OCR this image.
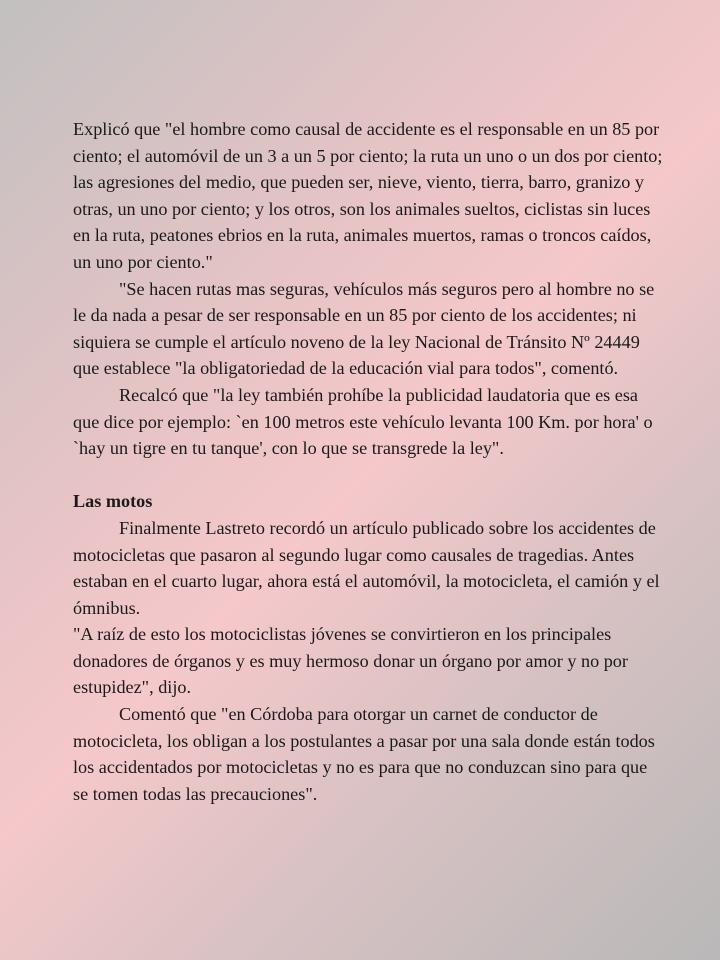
Explicó que "el hombre como causal de accidente es el responsable en un 85 por ciento; el automóvil de un 3 a un 5 por ciento; la ruta un uno o un dos por ciento; las agresiones del medio, que pueden ser, nieve, viento, tierra, barro, granizo y otras, un uno por ciento; y los otros, son los animales sueltos, ciclistas sin luces en la ruta, peatones ebrios en la ruta, animales muertos, ramas o troncos caídos, un uno por ciento."

"Se hacen rutas mas seguras, vehículos más seguros pero al hombre no se le da nada a pesar de ser responsable en un 85 por ciento de los accidentes; ni siquiera se cumple el artículo noveno de la ley Nacional de Tránsito Nº 24449 que establece "la obligatoriedad de la educación vial para todos", comentó.

Recalcó que "la ley también prohíbe la publicidad laudatoria que es esa que dice por ejemplo: `en 100 metros este vehículo levanta 100 Km. por hora' o `hay un tigre en tu tanque', con lo que se transgrede la ley".

Las motos

Finalmente Lastreto recordó un artículo publicado sobre los accidentes de motocicletas que pasaron al segundo lugar como causales de tragedias. Antes estaban en el cuarto lugar, ahora está el automóvil, la motocicleta, el camión y el ómnibus.

"A raíz de esto los motociclistas jóvenes se convirtieron en los principales donadores de órganos y es muy hermoso donar un órgano por amor y no por estupidez", dijo.

Comentó que "en Córdoba para otorgar un carnet de conductor de motocicleta, los obligan a los postulantes a pasar por una sala donde están todos los accidentados por motocicletas y no es para que no conduzcan sino para que se tomen todas las precauciones".
